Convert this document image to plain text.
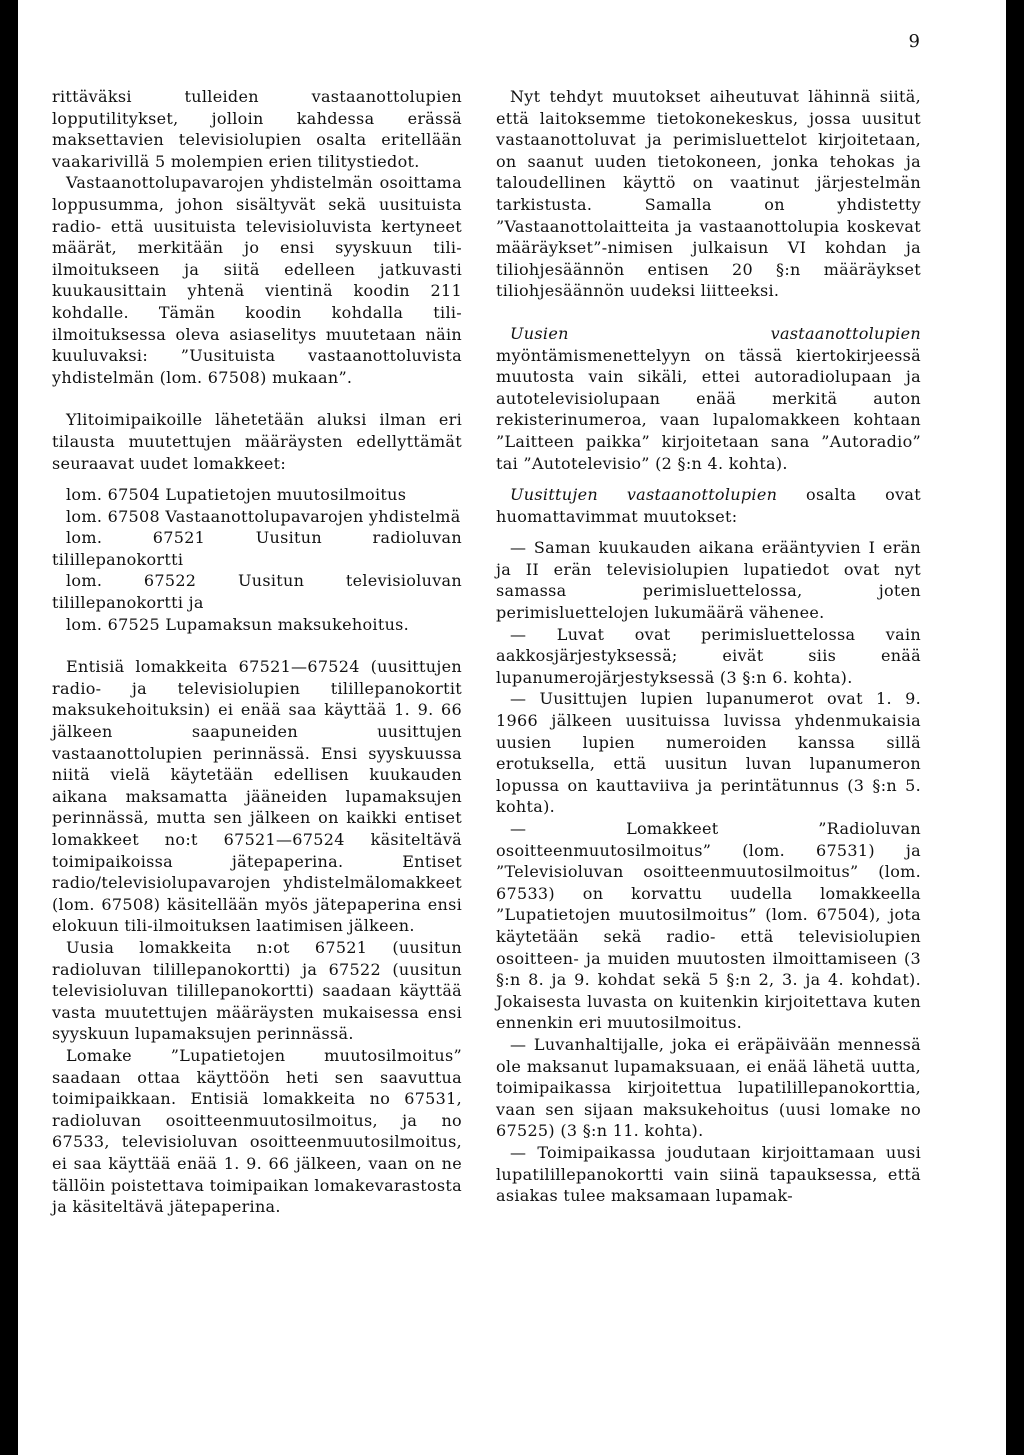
9

rittäväksi tulleiden vastaanottolupien lopputilitykset, jolloin kahdessa erässä maksettavien televisiolupien osalta eritellään vaakarivillä 5 molempien erien tilitystiedot.

Vastaanottolupavarojen yhdistelmän osoittama loppusumma, johon sisältyvät sekä uusituista radio- että uusituista televisioluvista kertyneet määrät, merkitään jo ensi syyskuun tili-ilmoitukseen ja siitä edelleen jatkuvasti kuukausittain yhtenä vientinä koodin 211 kohdalle. Tämän koodin kohdalla tili-ilmoituksessa oleva asiaselitys muutetaan näin kuuluvaksi: ”Uusituista vastaanottoluvista yhdistelmän (lom. 67508) mukaan”.

Ylitoimipaikoille lähetetään aluksi ilman eri tilausta muutettujen määräysten edellyttämät seuraavat uudet lomakkeet:

lom. 67504 Lupatietojen muutosilmoitus
lom. 67508 Vastaanottolupavarojen yhdistelmä
lom. 67521 Uusitun radioluvan tilillepanokortti
lom. 67522 Uusitun televisioluvan tilillepanokortti ja
lom. 67525 Lupamaksun maksukehoitus.

Entisiä lomakkeita 67521—67524 (uusittujen radio- ja televisiolupien tilillepanokortit maksukehoituksin) ei enää saa käyttää 1. 9. 66 jälkeen saapuneiden uusittujen vastaanottolupien perinnässä. Ensi syyskuussa niitä vielä käytetään edellisen kuukauden aikana maksamatta jääneiden lupamaksujen perinnässä, mutta sen jälkeen on kaikki entiset lomakkeet no:t 67521—67524 käsiteltävä toimipaikoissa jätepaperina. Entiset radio/televisiolupavarojen yhdistelmälomakkeet (lom. 67508) käsitellään myös jätepaperina ensi elokuun tili-ilmoituksen laatimisen jälkeen.

Uusia lomakkeita n:ot 67521 (uusitun radioluvan tilillepanokortti) ja 67522 (uusitun televisioluvan tilillepanokortti) saadaan käyttää vasta muutettujen määräysten mukaisessa ensi syyskuun lupamaksujen perinnässä.

Lomake ”Lupatietojen muutosilmoitus” saadaan ottaa käyttöön heti sen saavuttua toimipaikkaan. Entisiä lomakkeita no 67531, radioluvan osoitteenmuutosilmoitus, ja no 67533, televisioluvan osoitteenmuutosilmoitus, ei saa käyttää enää 1. 9. 66 jälkeen, vaan on ne tällöin poistettava toimipaikan lomakevarastosta ja käsiteltävä jätepaperina.

Nyt tehdyt muutokset aiheutuvat lähinnä siitä, että laitoksemme tietokonekeskus, jossa uusitut vastaanottoluvat ja perimisluettelot kirjoitetaan, on saanut uuden tietokoneen, jonka tehokas ja taloudellinen käyttö on vaatinut järjestelmän tarkistusta. Samalla on yhdistetty ”Vastaanottolaitteita ja vastaanottolupia koskevat määräykset”-nimisen julkaisun VI kohdan ja tiliohjesäännön entisen 20 §:n määräykset tiliohjesäännön uudeksi liitteeksi.

Uusien vastaanottolupien myöntämismenettelyyn on tässä kiertokirjeessä muutosta vain sikäli, ettei autoradiolupaan ja autotelevisiolupaan enää merkitä auton rekisterinumeroa, vaan lupalomakkeen kohtaan ”Laitteen paikka” kirjoitetaan sana ”Autoradio” tai ”Autotelevisio” (2 §:n 4. kohta).

Uusittujen vastaanottolupien osalta ovat huomattavimmat muutokset:

— Saman kuukauden aikana erääntyvien I erän ja II erän televisiolupien lupatiedot ovat nyt samassa perimisluettelossa, joten perimisluettelojen lukumäärä vähenee.

— Luvat ovat perimisluettelossa vain aakkosjärjestyksessä; eivät siis enää lupanumerojärjestyksessä (3 §:n 6. kohta).

— Uusittujen lupien lupanumerot ovat 1. 9. 1966 jälkeen uusituissa luvissa yhdenmukaisia uusien lupien numeroiden kanssa sillä erotuksella, että uusitun luvan lupanumeron lopussa on kauttaviiva ja perintätunnus (3 §:n 5. kohta).

— Lomakkeet ”Radioluvan osoitteenmuutosilmoitus” (lom. 67531) ja ”Televisioluvan osoitteenmuutosilmoitus” (lom. 67533) on korvattu uudella lomakkeella ”Lupatietojen muutosilmoitus” (lom. 67504), jota käytetään sekä radio- että televisiolupien osoitteen- ja muiden muutosten ilmoittamiseen (3 §:n 8. ja 9. kohdat sekä 5 §:n 2, 3. ja 4. kohdat). Jokaisesta luvasta on kuitenkin kirjoitettava kuten ennenkin eri muutosilmoitus.

— Luvanhaltijalle, joka ei eräpäivään mennessä ole maksanut lupamaksuaan, ei enää lähetä uutta, toimipaikassa kirjoitettua lupatilillepanokorttia, vaan sen sijaan maksukehoitus (uusi lomake no 67525) (3 §:n 11. kohta).

— Toimipaikassa joudutaan kirjoittamaan uusi lupatilillepanokortti vain siinä tapauksessa, että asiakas tulee maksamaan lupamak-
